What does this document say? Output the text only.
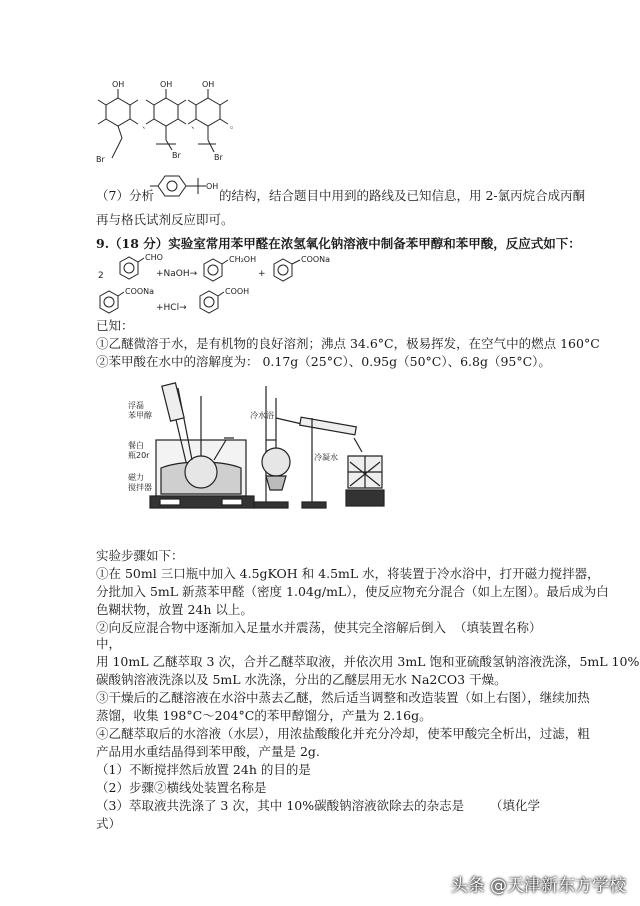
OH
Br
、
OH
Br
、
OH
Br
。
（7）分析
OH
的结构，结合题目中用到的路线及已知信息，用 2-氯丙烷合成丙酮
再与格氏试剂反应即可。
9.（18 分）实验室常用苯甲醛在浓氢氧化钠溶液中制备苯甲醇和苯甲酸，反应式如下：
2
CHO
+NaOH→
CH₂OH
+
COONa
COONa
+HCl→
COOH
已知：
①乙醚微溶于水，是有机物的良好溶剂；沸点 34.6°C，极易挥发，在空气中的燃点 160°C
②苯甲酸在水中的溶解度为： 0.17g（25°C）、0.95g（50°C）、6.8g（95°C）。
浮磊
苯甲醇
餐白
瓶20r
磁力
搅拌器
冷水浴
冷凝水
实验步骤如下：
①在 50ml 三口瓶中加入 4.5gKOH 和 4.5mL 水，将装置于冷水浴中，打开磁力搅拌器，
分批加入 5mL 新蒸苯甲醛（密度 1.04g/mL），使反应物充分混合（如上左图）。最后成为白
色糊状物，放置 24h 以上。
②向反应混合物中逐渐加入足量水并震荡，使其完全溶解后倒入 （填装置名称）
中，
用 10mL 乙醚萃取 3 次，合并乙醚萃取液，并依次用 3mL 饱和亚硫酸氢钠溶液洗涤，5mL 10%
碳酸钠溶液洗涤以及 5mL 水洗涤，分出的乙醚层用无水 Na2CO3 干燥。
③干燥后的乙醚溶液在水浴中蒸去乙醚，然后适当调整和改造装置（如上右图），继续加热
蒸馏，收集 198°C～204°C的苯甲醇馏分，产量为 2.16g。
④乙醚萃取后的水溶液（水层），用浓盐酸酸化并充分冷却，使苯甲酸完全析出，过滤，粗
产品用水重结晶得到苯甲酸，产量是 2g.
（1）不断搅拌然后放置 24h 的目的是
（2）步骤②横线处装置名称是
（3）萃取液共洗涤了 3 次，其中 10%碳酸钠溶液欲除去的杂志是 （填化学
式）
头条 @天津新东方学校
